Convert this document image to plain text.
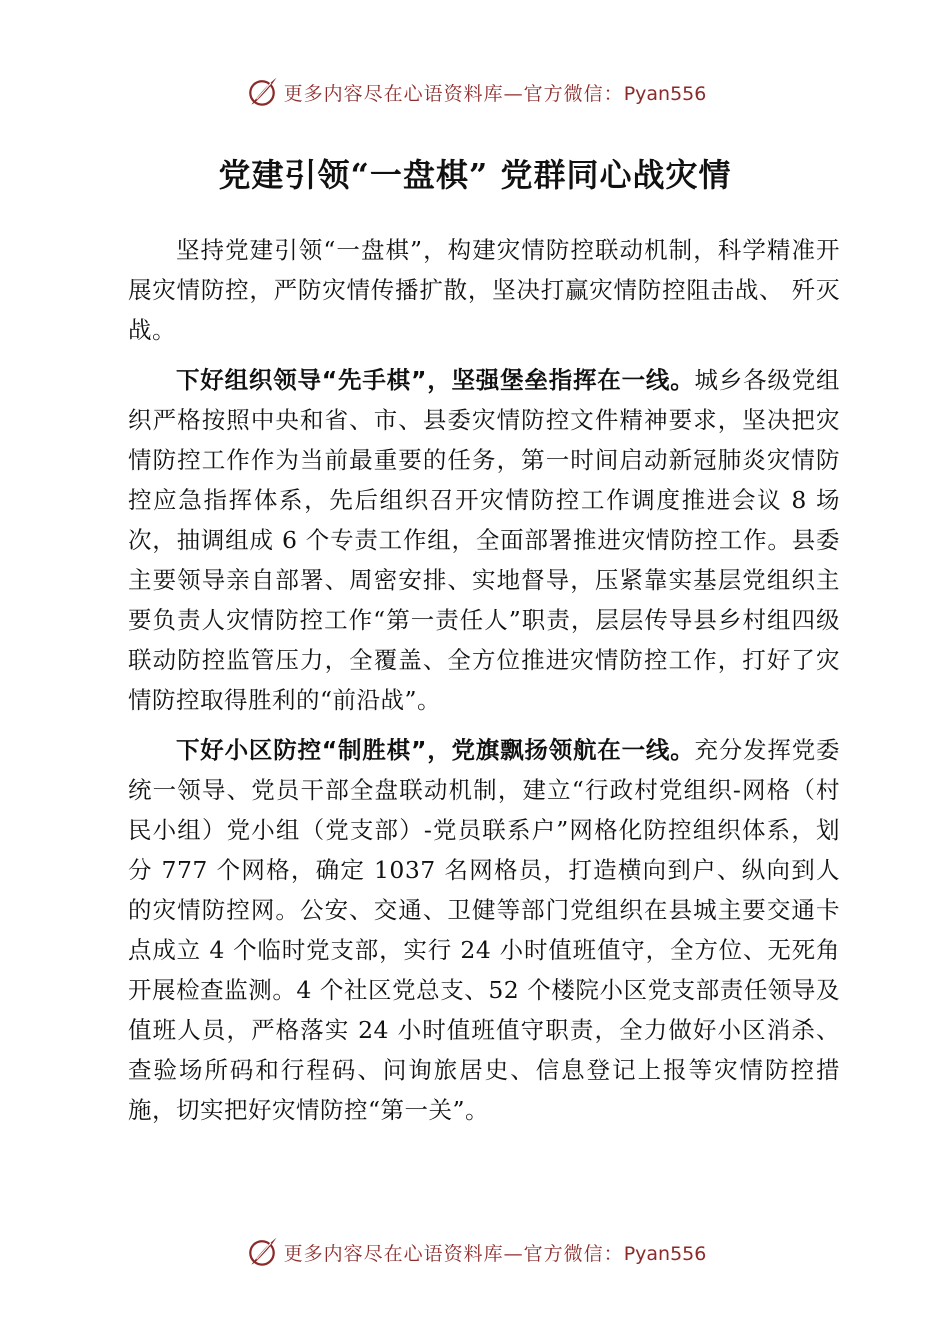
更多内容尽在心语资料库—官方微信：Pyan556
党建引领“一盘棋” 党群同心战灾情

坚持党建引领“一盘棋”，构建灾情防控联动机制，科学精准开展灾情防控，严防灾情传播扩散，坚决打赢灾情防控阻击战、 歼灭战。

下好组织领导“先手棋”，坚强堡垒指挥在一线。城乡各级党组织严格按照中央和省、市、县委灾情防控文件精神要求，坚决把灾情防控工作作为当前最重要的任务，第一时间启动新冠肺炎灾情防控应急指挥体系，先后组织召开灾情防控工作调度推进会议 8 场次，抽调组成 6 个专责工作组，全面部署推进灾情防控工作。县委主要领导亲自部署、周密安排、实地督导，压紧靠实基层党组织主要负责人灾情防控工作“第一责任人”职责，层层传导县乡村组四级联动防控监管压力，全覆盖、全方位推进灾情防控工作，打好了灾情防控取得胜利的“前沿战”。

下好小区防控“制胜棋”，党旗飘扬领航在一线。充分发挥党委统一领导、党员干部全盘联动机制，建立“行政村党组织-网格（村民小组）党小组（党支部）-党员联系户”网格化防控组织体系，划分 777 个网格，确定 1037 名网格员，打造横向到户、纵向到人的灾情防控网。公安、交通、卫健等部门党组织在县城主要交通卡点成立 4 个临时党支部，实行 24 小时值班值守，全方位、无死角开展检查监测。4 个社区党总支、52 个楼院小区党支部责任领导及值班人员，严格落实 24 小时值班值守职责，全力做好小区消杀、查验场所码和行程码、问询旅居史、信息登记上报等灾情防控措施，切实把好灾情防控“第一关”。

更多内容尽在心语资料库—官方微信：Pyan556
